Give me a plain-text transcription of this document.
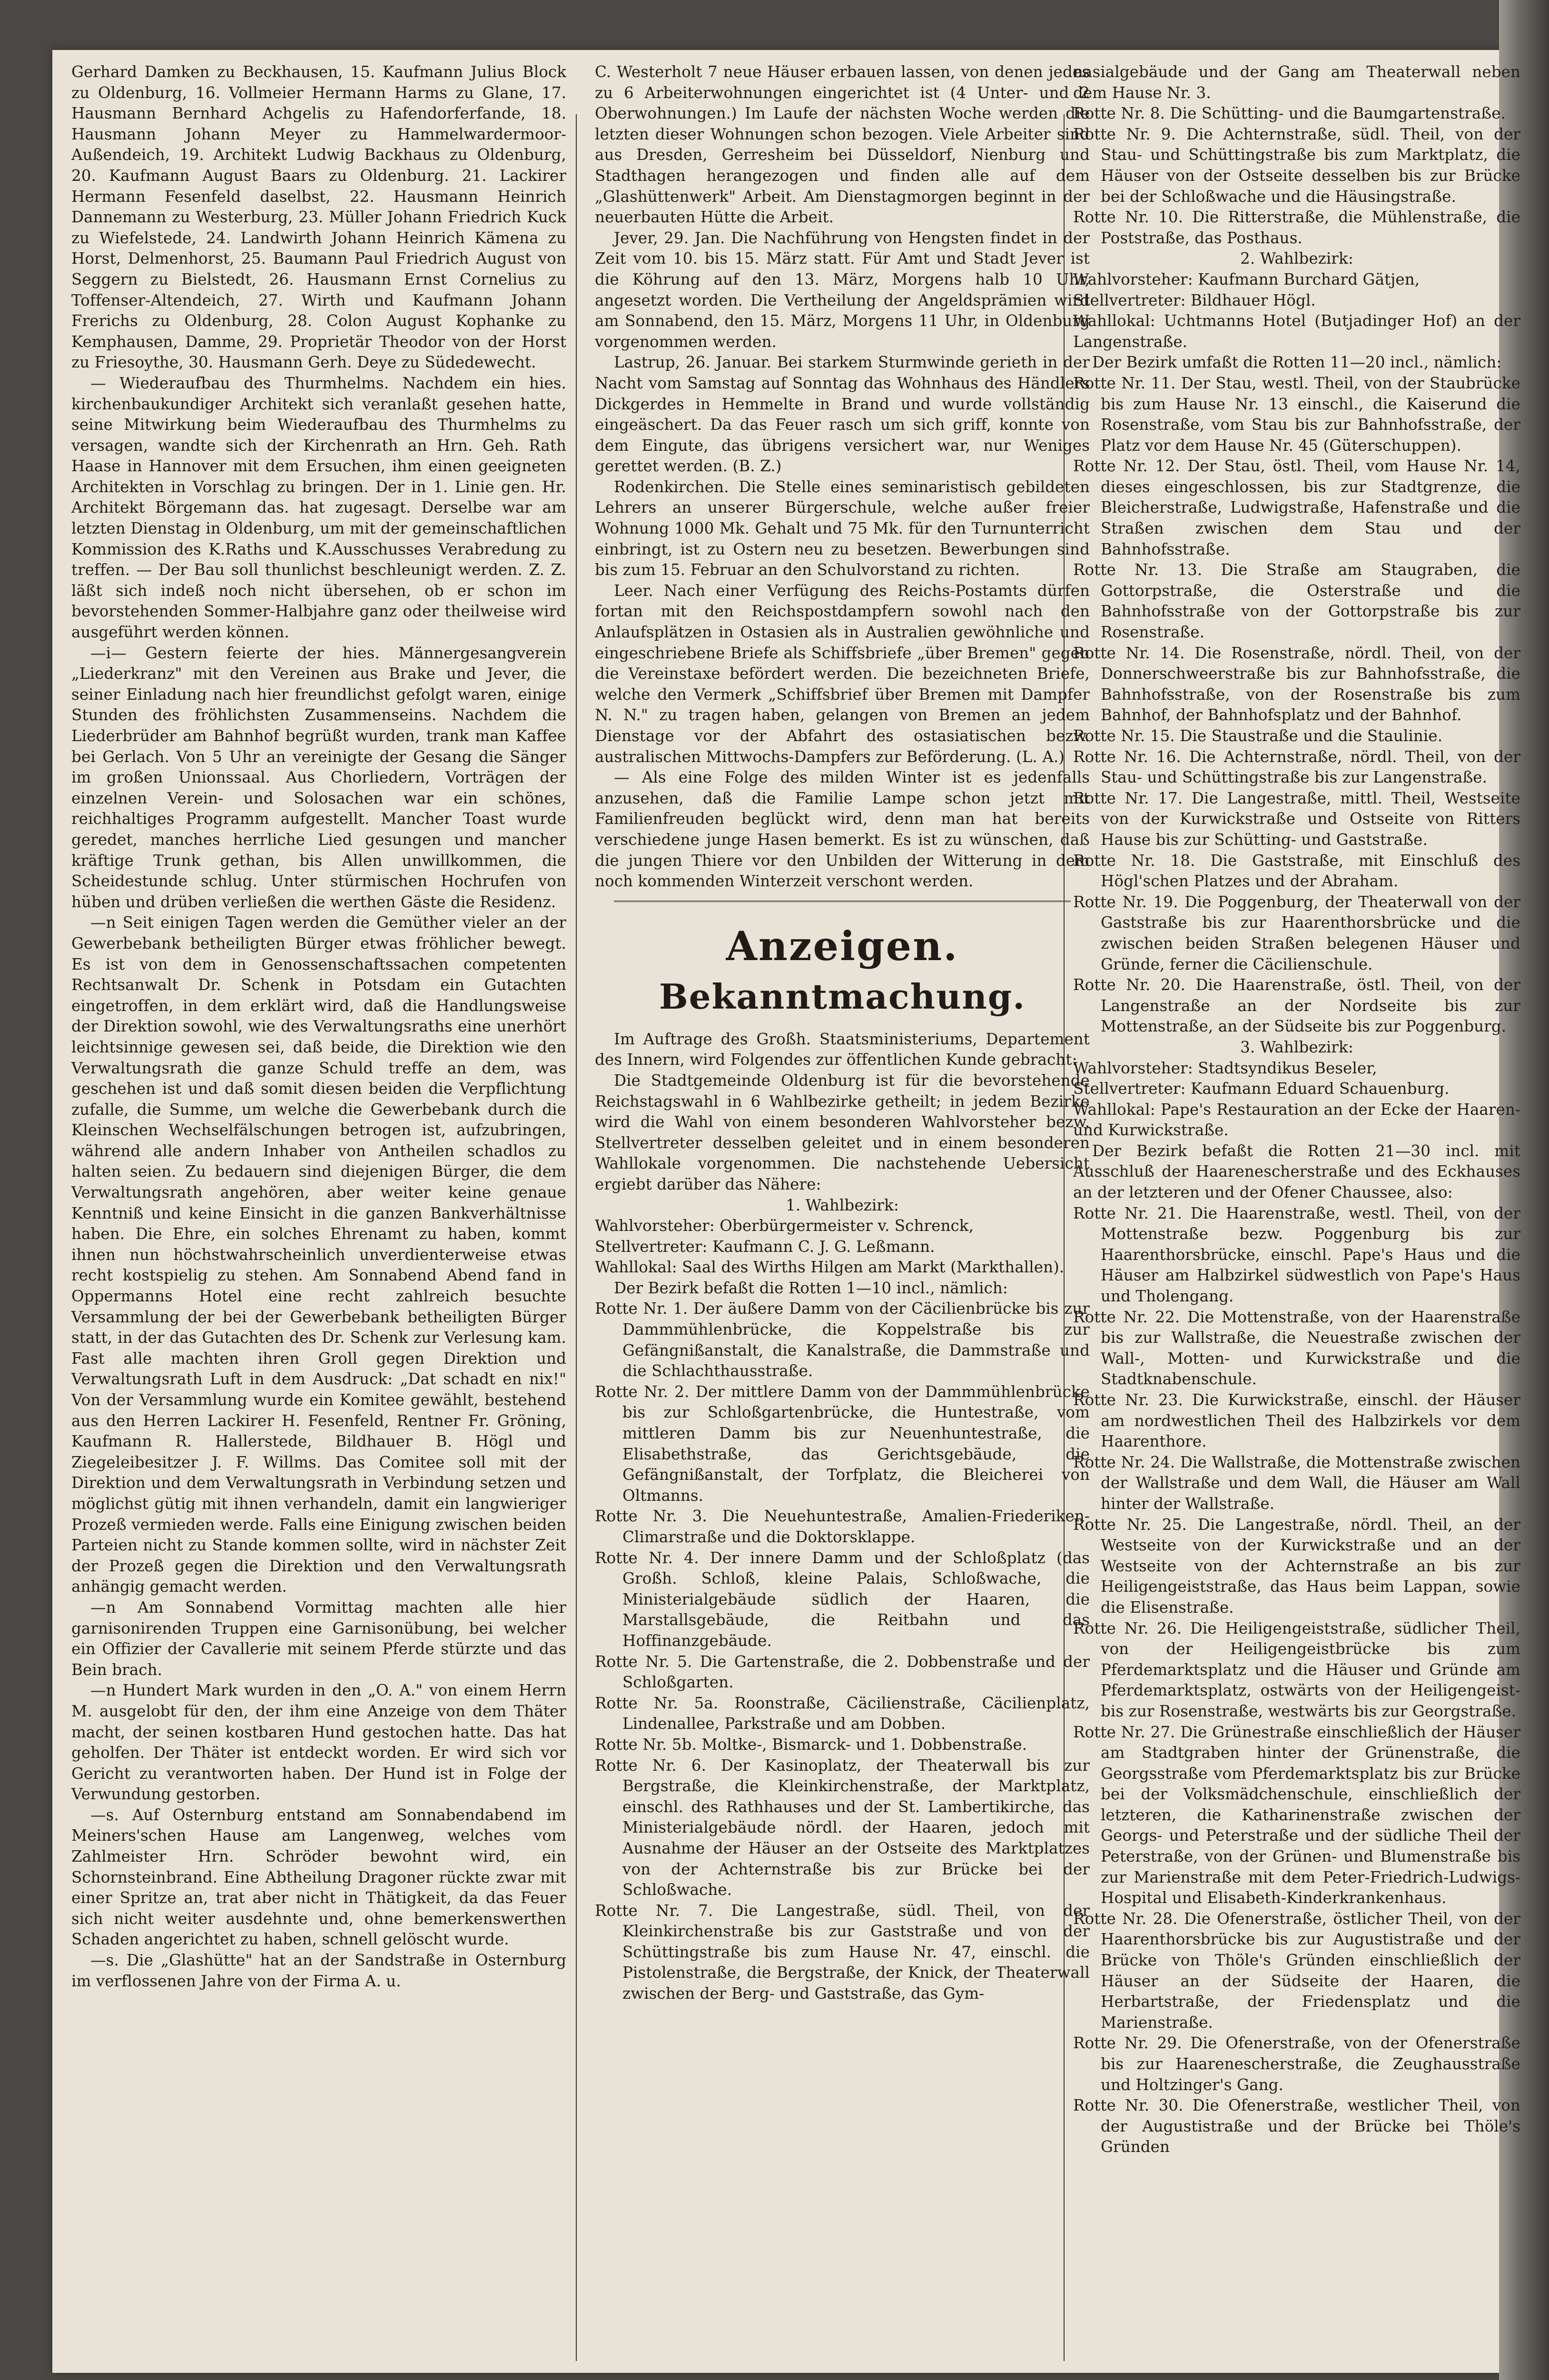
Gerhard Damken zu Beckhausen, 15. Kaufmann Julius Block zu Oldenburg, 16. Vollmeier Hermann Harms zu Glane, 17. Hausmann Bernhard Achgelis zu Hafendorferfande, 18. Hausmann Johann Meyer zu Hammelwardermoor-Außendeich, 19. Architekt Ludwig Backhaus zu Oldenburg, 20. Kaufmann August Baars zu Oldenburg. 21. Lackirer Hermann Fesenfeld daselbst, 22. Hausmann Heinrich Dannemann zu Westerburg, 23. Müller Johann Friedrich Kuck zu Wiefelstede, 24. Landwirth Johann Heinrich Kämena zu Horst, Delmenhorst, 25. Baumann Paul Friedrich August von Seggern zu Bielstedt, 26. Hausmann Ernst Cornelius zu Toffenser-Altendeich, 27. Wirth und Kaufmann Johann Frerichs zu Oldenburg, 28. Colon August Kophanke zu Kemphausen, Damme, 29. Proprietär Theodor von der Horst zu Friesoythe, 30. Hausmann Gerh. Deye zu Südedewecht.

— Wiederaufbau des Thurmhelms. Nachdem ein hies. kirchenbaukundiger Architekt sich veranlaßt gesehen hatte, seine Mitwirkung beim Wiederaufbau des Thurmhelms zu versagen, wandte sich der Kirchenrath an Hrn. Geh. Rath Haase in Hannover mit dem Ersuchen, ihm einen geeigneten Architekten in Vorschlag zu bringen. Der in 1. Linie gen. Hr. Architekt Börgemann das. hat zugesagt. Derselbe war am letzten Dienstag in Oldenburg, um mit der gemeinschaftlichen Kommission des K.Raths und K.Ausschusses Verabredung zu treffen. — Der Bau soll thunlichst beschleunigt werden. Z. Z. läßt sich indeß noch nicht übersehen, ob er schon im bevorstehenden Sommer-Halbjahre ganz oder theilweise wird ausgeführt werden können.

—i— Gestern feierte der hies. Männergesangverein „Liederkranz" mit den Vereinen aus Brake und Jever, die seiner Einladung nach hier freundlichst gefolgt waren, einige Stunden des fröhlichsten Zusammenseins. Nachdem die Liederbrüder am Bahnhof begrüßt wurden, trank man Kaffee bei Gerlach. Von 5 Uhr an vereinigte der Gesang die Sänger im großen Unionssaal. Aus Chorliedern, Vorträgen der einzelnen Verein- und Solosachen war ein schönes, reichhaltiges Programm aufgestellt. Mancher Toast wurde geredet, manches herrliche Lied gesungen und mancher kräftige Trunk gethan, bis Allen unwillkommen, die Scheidestunde schlug. Unter stürmischen Hochrufen von hüben und drüben verließen die werthen Gäste die Residenz.

—n Seit einigen Tagen werden die Gemüther vieler an der Gewerbebank betheiligten Bürger etwas fröhlicher bewegt. Es ist von dem in Genossenschaftssachen competenten Rechtsanwalt Dr. Schenk in Potsdam ein Gutachten eingetroffen, in dem erklärt wird, daß die Handlungsweise der Direktion sowohl, wie des Verwaltungsraths eine unerhört leichtsinnige gewesen sei, daß beide, die Direktion wie den Verwaltungsrath die ganze Schuld treffe an dem, was geschehen ist und daß somit diesen beiden die Verpflichtung zufalle, die Summe, um welche die Gewerbebank durch die Kleinschen Wechselfälschungen betrogen ist, aufzubringen, während alle andern Inhaber von Antheilen schadlos zu halten seien. Zu bedauern sind diejenigen Bürger, die dem Verwaltungsrath angehören, aber weiter keine genaue Kenntniß und keine Einsicht in die ganzen Bankverhältnisse haben. Die Ehre, ein solches Ehrenamt zu haben, kommt ihnen nun höchstwahrscheinlich unverdienterweise etwas recht kostspielig zu stehen. Am Sonnabend Abend fand in Oppermanns Hotel eine recht zahlreich besuchte Versammlung der bei der Gewerbebank betheiligten Bürger statt, in der das Gutachten des Dr. Schenk zur Verlesung kam. Fast alle machten ihren Groll gegen Direktion und Verwaltungsrath Luft in dem Ausdruck: „Dat schadt en nix!" Von der Versammlung wurde ein Komitee gewählt, bestehend aus den Herren Lackirer H. Fesenfeld, Rentner Fr. Gröning, Kaufmann R. Hallerstede, Bildhauer B. Högl und Ziegeleibesitzer J. F. Willms. Das Comitee soll mit der Direktion und dem Verwaltungsrath in Verbindung setzen und möglichst gütig mit ihnen verhandeln, damit ein langwieriger Prozeß vermieden werde. Falls eine Einigung zwischen beiden Parteien nicht zu Stande kommen sollte, wird in nächster Zeit der Prozeß gegen die Direktion und den Verwaltungsrath anhängig gemacht werden.

—n Am Sonnabend Vormittag machten alle hier garnisonirenden Truppen eine Garnisonübung, bei welcher ein Offizier der Cavallerie mit seinem Pferde stürzte und das Bein brach.

—n Hundert Mark wurden in den „O. A." von einem Herrn M. ausgelobt für den, der ihm eine Anzeige von dem Thäter macht, der seinen kostbaren Hund gestochen hatte. Das hat geholfen. Der Thäter ist entdeckt worden. Er wird sich vor Gericht zu verantworten haben. Der Hund ist in Folge der Verwundung gestorben.

—s. Auf Osternburg entstand am Sonnabendabend im Meiners'schen Hause am Langenweg, welches vom Zahlmeister Hrn. Schröder bewohnt wird, ein Schornsteinbrand. Eine Abtheilung Dragoner rückte zwar mit einer Spritze an, trat aber nicht in Thätigkeit, da das Feuer sich nicht weiter ausdehnte und, ohne bemerkenswerthen Schaden angerichtet zu haben, schnell gelöscht wurde.

—s. Die „Glashütte" hat an der Sandstraße in Osternburg im verflossenen Jahre von der Firma A. u.

C. Westerholt 7 neue Häuser erbauen lassen, von denen jedes zu 6 Arbeiterwohnungen eingerichtet ist (4 Unter- und 2 Oberwohnungen.) Im Laufe der nächsten Woche werden die letzten dieser Wohnungen schon bezogen. Viele Arbeiter sind aus Dresden, Gerresheim bei Düsseldorf, Nienburg und Stadthagen herangezogen und finden alle auf dem „Glashüttenwerk" Arbeit. Am Dienstagmorgen beginnt in der neuerbauten Hütte die Arbeit.

Jever, 29. Jan. Die Nachführung von Hengsten findet in der Zeit vom 10. bis 15. März statt. Für Amt und Stadt Jever ist die Köhrung auf den 13. März, Morgens halb 10 Uhr, angesetzt worden. Die Vertheilung der Angeldsprämien wird am Sonnabend, den 15. März, Morgens 11 Uhr, in Oldenburg vorgenommen werden.

Lastrup, 26. Januar. Bei starkem Sturmwinde gerieth in der Nacht vom Samstag auf Sonntag das Wohnhaus des Händlers Dickgerdes in Hemmelte in Brand und wurde vollständig eingeäschert. Da das Feuer rasch um sich griff, konnte von dem Eingute, das übrigens versichert war, nur Weniges gerettet werden. (B. Z.)

Rodenkirchen. Die Stelle eines seminaristisch gebildeten Lehrers an unserer Bürgerschule, welche außer freier Wohnung 1000 Mk. Gehalt und 75 Mk. für den Turnunterricht einbringt, ist zu Ostern neu zu besetzen. Bewerbungen sind bis zum 15. Februar an den Schulvorstand zu richten.

Leer. Nach einer Verfügung des Reichs-Postamts dürfen fortan mit den Reichspostdampfern sowohl nach den Anlaufsplätzen in Ostasien als in Australien gewöhnliche und eingeschriebene Briefe als Schiffsbriefe „über Bremen" gegen die Vereinstaxe befördert werden. Die bezeichneten Briefe, welche den Vermerk „Schiffsbrief über Bremen mit Dampfer N. N." zu tragen haben, gelangen von Bremen an jedem Dienstage vor der Abfahrt des ostasiatischen bezw. australischen Mittwochs-Dampfers zur Beförderung. (L. A.)

— Als eine Folge des milden Winter ist es jedenfalls anzusehen, daß die Familie Lampe schon jetzt mit Familienfreuden beglückt wird, denn man hat bereits verschiedene junge Hasen bemerkt. Es ist zu wünschen, daß die jungen Thiere vor den Unbilden der Witterung in dem noch kommenden Winterzeit verschont werden.

Anzeigen.
Bekanntmachung.

Im Auftrage des Großh. Staatsministeriums, Departement des Innern, wird Folgendes zur öffentlichen Kunde gebracht:

Die Stadtgemeinde Oldenburg ist für die bevorstehende Reichstagswahl in 6 Wahlbezirke getheilt; in jedem Bezirke wird die Wahl von einem besonderen Wahlvorsteher bezw. Stellvertreter desselben geleitet und in einem besonderen Wahllokale vorgenommen. Die nachstehende Uebersicht ergiebt darüber das Nähere:

1. Wahlbezirk:

Wahlvorsteher: Oberbürgermeister v. Schrenck,

Stellvertreter: Kaufmann C. J. G. Leßmann.

Wahllokal: Saal des Wirths Hilgen am Markt (Markthallen).

Der Bezirk befaßt die Rotten 1—10 incl., nämlich:

Rotte Nr. 1. Der äußere Damm von der Cäcilienbrücke bis zur Dammmühlenbrücke, die Koppelstraße bis zur Gefängnißanstalt, die Kanalstraße, die Dammstraße und die Schlachthausstraße.

Rotte Nr. 2. Der mittlere Damm von der Dammmühlenbrücke bis zur Schloßgartenbrücke, die Huntestraße, vom mittleren Damm bis zur Neuenhuntestraße, die Elisabethstraße, das Gerichtsgebäude, die Gefängnißanstalt, der Torfplatz, die Bleicherei von Oltmanns.

Rotte Nr. 3. Die Neuehuntestraße, Amalien-Friederiken-Climarstraße und die Doktorsklappe.

Rotte Nr. 4. Der innere Damm und der Schloßplatz (das Großh. Schloß, kleine Palais, Schloßwache, die Ministerialgebäude südlich der Haaren, die Marstallsgebäude, die Reitbahn und das Hoffinanzgebäude.

Rotte Nr. 5. Die Gartenstraße, die 2. Dobbenstraße und der Schloßgarten.

Rotte Nr. 5a. Roonstraße, Cäcilienstraße, Cäcilienplatz, Lindenallee, Parkstraße und am Dobben.

Rotte Nr. 5b. Moltke-, Bismarck- und 1. Dobbenstraße.

Rotte Nr. 6. Der Kasinoplatz, der Theaterwall bis zur Bergstraße, die Kleinkirchenstraße, der Marktplatz, einschl. des Rathhauses und der St. Lambertikirche, das Ministerialgebäude nördl. der Haaren, jedoch mit Ausnahme der Häuser an der Ostseite des Marktplatzes von der Achternstraße bis zur Brücke bei der Schloßwache.

Rotte Nr. 7. Die Langestraße, südl. Theil, von der Kleinkirchenstraße bis zur Gaststraße und von der Schüttingstraße bis zum Hause Nr. 47, einschl. die Pistolenstraße, die Bergstraße, der Knick, der Theaterwall zwischen der Berg- und Gaststraße, das Gym-

nasialgebäude und der Gang am Theaterwall neben dem Hause Nr. 3.

Rotte Nr. 8. Die Schütting- und die Baumgartenstraße.

Rotte Nr. 9. Die Achternstraße, südl. Theil, von der Stau- und Schüttingstraße bis zum Marktplatz, die Häuser von der Ostseite desselben bis zur Brücke bei der Schloßwache und die Häusingstraße.

Rotte Nr. 10. Die Ritterstraße, die Mühlenstraße, die Poststraße, das Posthaus.

2. Wahlbezirk:

Wahlvorsteher: Kaufmann Burchard Gätjen,

Stellvertreter: Bildhauer Högl.

Wahllokal: Uchtmanns Hotel (Butjadinger Hof) an der Langenstraße.

Der Bezirk umfaßt die Rotten 11—20 incl., nämlich:

Rotte Nr. 11. Der Stau, westl. Theil, von der Staubrücke bis zum Hause Nr. 13 einschl., die Kaiserund die Rosenstraße, vom Stau bis zur Bahnhofsstraße, der Platz vor dem Hause Nr. 45 (Güterschuppen).

Rotte Nr. 12. Der Stau, östl. Theil, vom Hause Nr. 14, dieses eingeschlossen, bis zur Stadtgrenze, die Bleicherstraße, Ludwigstraße, Hafenstraße und die Straßen zwischen dem Stau und der Bahnhofsstraße.

Rotte Nr. 13. Die Straße am Staugraben, die Gottorpstraße, die Osterstraße und die Bahnhofsstraße von der Gottorpstraße bis zur Rosenstraße.

Rotte Nr. 14. Die Rosenstraße, nördl. Theil, von der Donnerschweerstraße bis zur Bahnhofsstraße, die Bahnhofsstraße, von der Rosenstraße bis zum Bahnhof, der Bahnhofsplatz und der Bahnhof.

Rotte Nr. 15. Die Staustraße und die Staulinie.

Rotte Nr. 16. Die Achternstraße, nördl. Theil, von der Stau- und Schüttingstraße bis zur Langenstraße.

Rotte Nr. 17. Die Langestraße, mittl. Theil, Westseite von der Kurwickstraße und Ostseite von Ritters Hause bis zur Schütting- und Gaststraße.

Rotte Nr. 18. Die Gaststraße, mit Einschluß des Högl'schen Platzes und der Abraham.

Rotte Nr. 19. Die Poggenburg, der Theaterwall von der Gaststraße bis zur Haarenthorsbrücke und die zwischen beiden Straßen belegenen Häuser und Gründe, ferner die Cäcilienschule.

Rotte Nr. 20. Die Haarenstraße, östl. Theil, von der Langenstraße an der Nordseite bis zur Mottenstraße, an der Südseite bis zur Poggenburg.

3. Wahlbezirk:

Wahlvorsteher: Stadtsyndikus Beseler,

Stellvertreter: Kaufmann Eduard Schauenburg.

Wahllokal: Pape's Restauration an der Ecke der Haaren- und Kurwickstraße.

Der Bezirk befaßt die Rotten 21—30 incl. mit Ausschluß der Haarenescherstraße und des Eckhauses an der letzteren und der Ofener Chaussee, also:

Rotte Nr. 21. Die Haarenstraße, westl. Theil, von der Mottenstraße bezw. Poggenburg bis zur Haarenthorsbrücke, einschl. Pape's Haus und die Häuser am Halbzirkel südwestlich von Pape's Haus und Tholengang.

Rotte Nr. 22. Die Mottenstraße, von der Haarenstraße bis zur Wallstraße, die Neuestraße zwischen der Wall-, Motten- und Kurwickstraße und die Stadtknabenschule.

Rotte Nr. 23. Die Kurwickstraße, einschl. der Häuser am nordwestlichen Theil des Halbzirkels vor dem Haarenthore.

Rotte Nr. 24. Die Wallstraße, die Mottenstraße zwischen der Wallstraße und dem Wall, die Häuser am Wall hinter der Wallstraße.

Rotte Nr. 25. Die Langestraße, nördl. Theil, an der Westseite von der Kurwickstraße und an der Westseite von der Achternstraße an bis zur Heiligengeiststraße, das Haus beim Lappan, sowie die Elisenstraße.

Rotte Nr. 26. Die Heiligengeiststraße, südlicher Theil, von der Heiligengeistbrücke bis zum Pferdemarktsplatz und die Häuser und Gründe am Pferdemarktsplatz, ostwärts von der Heiligengeist- bis zur Rosenstraße, westwärts bis zur Georgstraße.

Rotte Nr. 27. Die Grünestraße einschließlich der Häuser am Stadtgraben hinter der Grünenstraße, die Georgsstraße vom Pferdemarktsplatz bis zur Brücke bei der Volksmädchenschule, einschließlich der letzteren, die Katharinenstraße zwischen der Georgs- und Peterstraße und der südliche Theil der Peterstraße, von der Grünen- und Blumenstraße bis zur Marienstraße mit dem Peter-Friedrich-Ludwigs-Hospital und Elisabeth-Kinderkrankenhaus.

Rotte Nr. 28. Die Ofenerstraße, östlicher Theil, von der Haarenthorsbrücke bis zur Augustistraße und der Brücke von Thöle's Gründen einschließlich der Häuser an der Südseite der Haaren, die Herbartstraße, der Friedensplatz und die Marienstraße.

Rotte Nr. 29. Die Ofenerstraße, von der Ofenerstraße bis zur Haarenescherstraße, die Zeughausstraße und Holtzinger's Gang.

Rotte Nr. 30. Die Ofenerstraße, westlicher Theil, von der Augustistraße und der Brücke bei Thöle's Gründen
